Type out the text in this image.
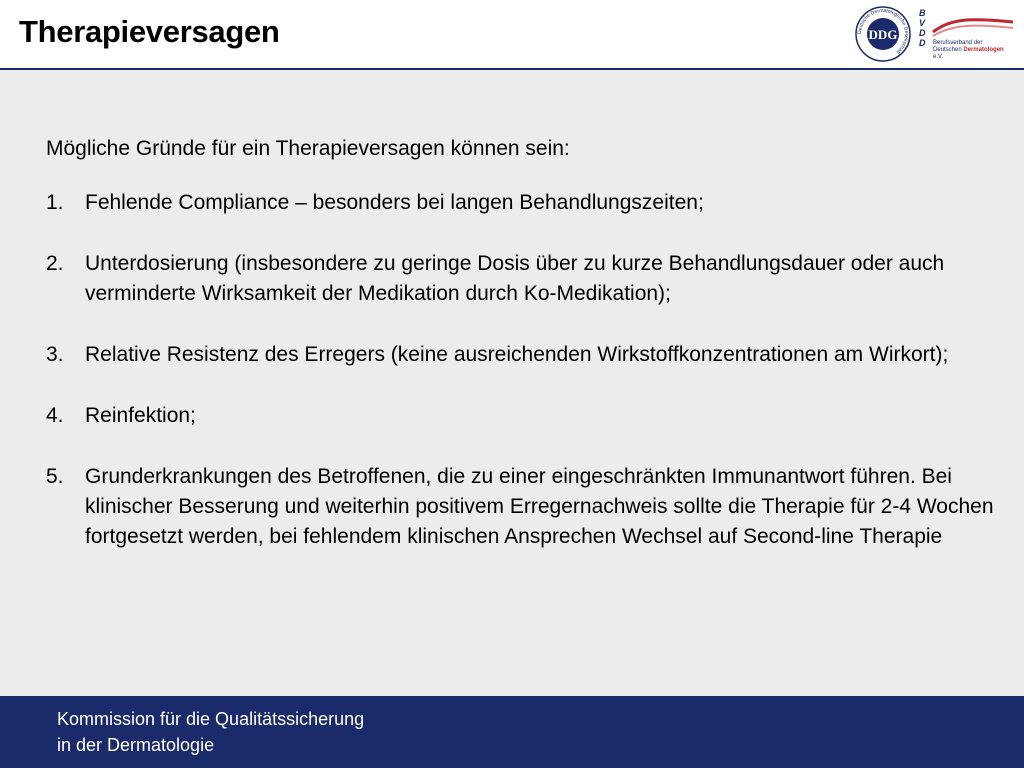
Therapieversagen	Deutsche Dermatologische Gesellschaft
DDG
B
V
D
D	Berufsverband der
Deutschen Dermatologen
e.V.

Mögliche Gründe für ein Therapieversagen können sein:

1. Fehlende Compliance – besonders bei langen Behandlungszeiten;
2. Unterdosierung (insbesondere zu geringe Dosis über zu kurze Behandlungsdauer oder auch verminderte Wirksamkeit der Medikation durch Ko-Medikation);
3. Relative Resistenz des Erregers (keine ausreichenden Wirkstoffkonzentrationen am Wirkort);
4. Reinfektion;
5. Grunderkrankungen des Betroffenen, die zu einer eingeschränkten Immunantwort führen. Bei klinischer Besserung und weiterhin positivem Erregernachweis sollte die Therapie für 2-4 Wochen fortgesetzt werden, bei fehlendem klinischen Ansprechen Wechsel auf Second-line Therapie

Kommission für die Qualitätssicherung
in der Dermatologie
